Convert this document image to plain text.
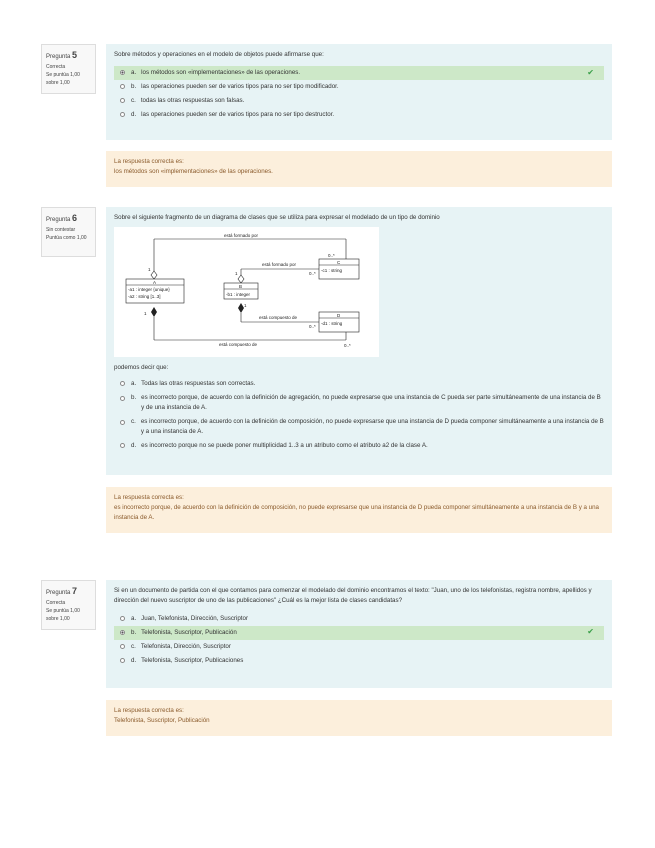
Pregunta 5
Correcta
Se puntúa 1,00 sobre 1,00
Sobre métodos y operaciones en el modelo de objetos puede afirmarse que:
a. los métodos son «implementaciones» de las operaciones.	✔
b. las operaciones pueden ser de varios tipos para no ser tipo modificador.
c. todas las otras respuestas son falsas.
d. las operaciones pueden ser de varios tipos para no ser tipo destructor.
La respuesta correcta es:
los métodos son «implementaciones» de las operaciones.
Pregunta 6
Sin contestar
Puntúa como 1,00
Sobre el siguiente fragmento de un diagrama de clases que se utiliza para expresar el modelado de un tipo de dominio
está formado por
0..*
1
está formado por
0..*
1
C
-c1 : string
A
-a1 : integer {unique}
-a2 : string [1..3]
B
-b1 : integer
1
1
está compuesto de
0..*
D
-d1 : string
está compuesto de	0..*
podemos decir que:
a. Todas las otras respuestas son correctas.
b. es incorrecto porque, de acuerdo con la definición de agregación, no puede expresarse que una instancia de C pueda ser parte simultáneamente de una instancia de B y de una instancia de A.
c. es incorrecto porque, de acuerdo con la definición de composición, no puede expresarse que una instancia de D pueda componer simultáneamente a una instancia de B y a una instancia de A.
d. es incorrecto porque no se puede poner multiplicidad 1..3 a un atributo como el atributo a2 de la clase A.
La respuesta correcta es:
es incorrecto porque, de acuerdo con la definición de composición, no puede expresarse que una instancia de D pueda componer simultáneamente a una instancia de B y a una instancia de A.
Pregunta 7
Correcta
Se puntúa 1,00 sobre 1,00
Si en un documento de partida con el que contamos para comenzar el modelado del dominio encontramos el texto: "Juan, uno de los telefonistas, registra nombre, apellidos y dirección del nuevo suscriptor de uno de las publicaciones" ¿Cuál es la mejor lista de clases candidatas?
a. Juan, Telefonista, Dirección, Suscriptor
b. Telefonista, Suscriptor, Publicación	✔
c. Telefonista, Dirección, Suscriptor
d. Telefonista, Suscriptor, Publicaciones
La respuesta correcta es:
Telefonista, Suscriptor, Publicación
